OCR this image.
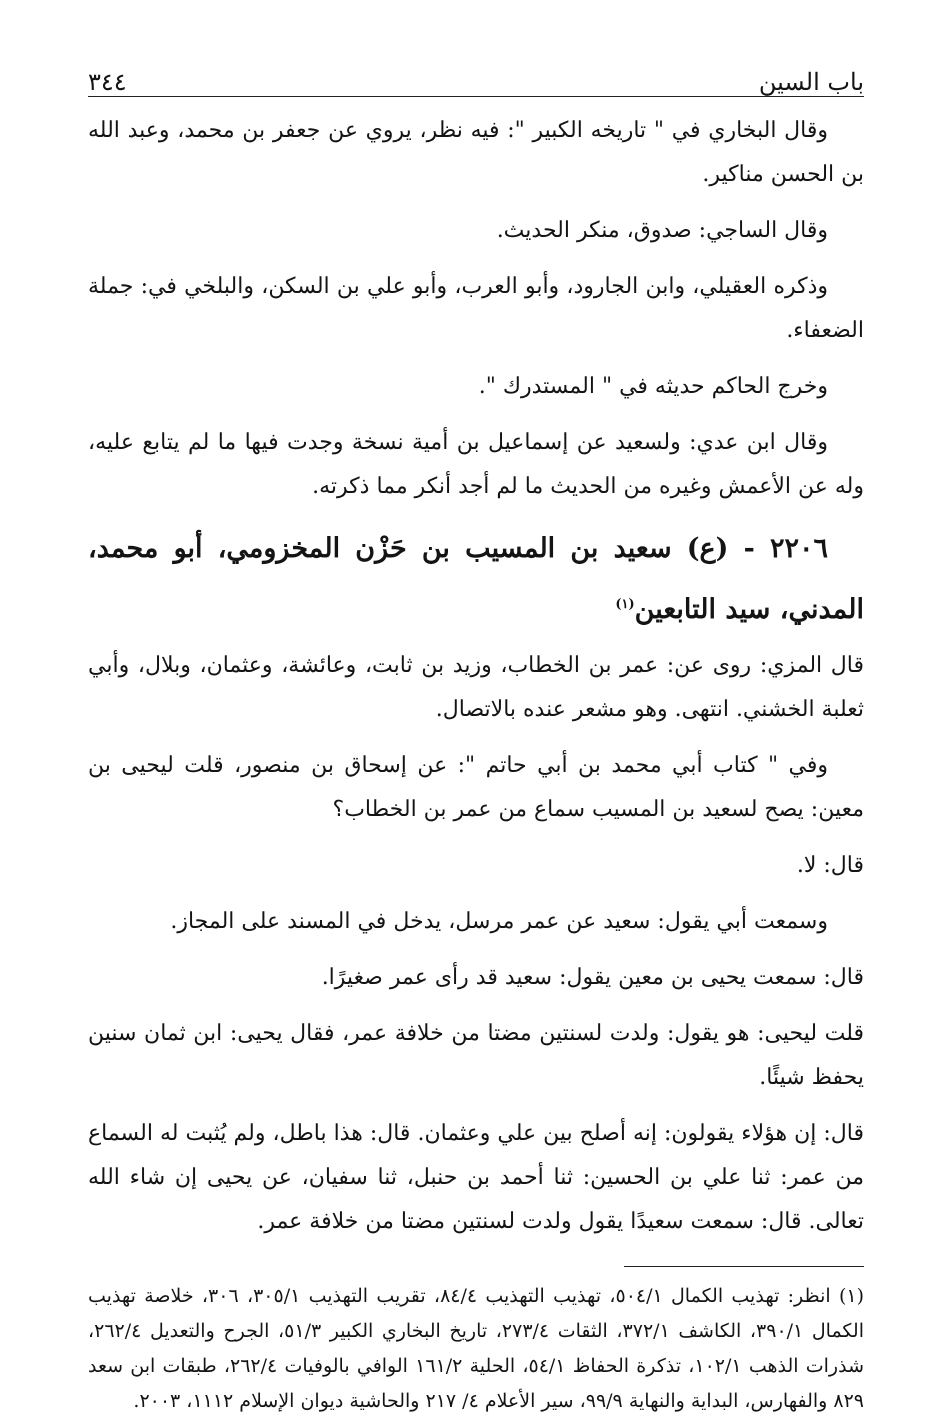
باب السين
٣٤٤

وقال البخاري في " تاريخه الكبير ": فيه نظر، يروي عن جعفر بن محمد، وعبد الله بن الحسن مناكير.

وقال الساجي: صدوق، منكر الحديث.

وذكره العقيلي، وابن الجارود، وأبو العرب، وأبو علي بن السكن، والبلخي في: جملة الضعفاء.

وخرج الحاكم حديثه في " المستدرك ".

وقال ابن عدي: ولسعيد عن إسماعيل بن أمية نسخة وجدت فيها ما لم يتابع عليه، وله عن الأعمش وغيره من الحديث ما لم أجد أنكر مما ذكرته.

٢٢٠٦ - (ع) سعيد بن المسيب بن حَزْن المخزومي، أبو محمد، المدني، سيد التابعين$^{(١)}$

قال المزي: روى عن: عمر بن الخطاب، وزيد بن ثابت، وعائشة، وعثمان، وبلال، وأبي ثعلبة الخشني. انتهى. وهو مشعر عنده بالاتصال.

وفي " كتاب أبي محمد بن أبي حاتم ": عن إسحاق بن منصور، قلت ليحيى بن معين: يصح لسعيد بن المسيب سماع من عمر بن الخطاب؟

قال: لا.

وسمعت أبي يقول: سعيد عن عمر مرسل، يدخل في المسند على المجاز.

قال: سمعت يحيى بن معين يقول: سعيد قد رأى عمر صغيرًا.

قلت ليحيى: هو يقول: ولدت لسنتين مضتا من خلافة عمر، فقال يحيى: ابن ثمان سنين يحفظ شيئًا.

قال: إن هؤلاء يقولون: إنه أصلح بين علي وعثمان. قال: هذا باطل، ولم يُثبت له السماع من عمر: ثنا علي بن الحسين: ثنا أحمد بن حنبل، ثنا سفيان، عن يحيى إن شاء الله تعالى. قال: سمعت سعيدًا يقول ولدت لسنتين مضتا من خلافة عمر.

(١) انظر: تهذيب الكمال ٥٠٤/١، تهذيب التهذيب ٨٤/٤، تقريب التهذيب ٣٠٥/١، ٣٠٦، خلاصة تهذيب الكمال ٣٩٠/١، الكاشف ٣٧٢/١، الثقات ٢٧٣/٤، تاريخ البخاري الكبير ٥١/٣، الجرح والتعديل ٢٦٢/٤، شذرات الذهب ١٠٢/١، تذكرة الحفاظ ٥٤/١، الحلية ١٦١/٢ الوافي بالوفيات ٢٦٢/٤، طبقات ابن سعد ٨٢٩ والفهارس، البداية والنهاية ٩٩/٩، سير الأعلام ٤/ ٢١٧ والحاشية ديوان الإسلام ١١١٢، ٢٠٠٣.
